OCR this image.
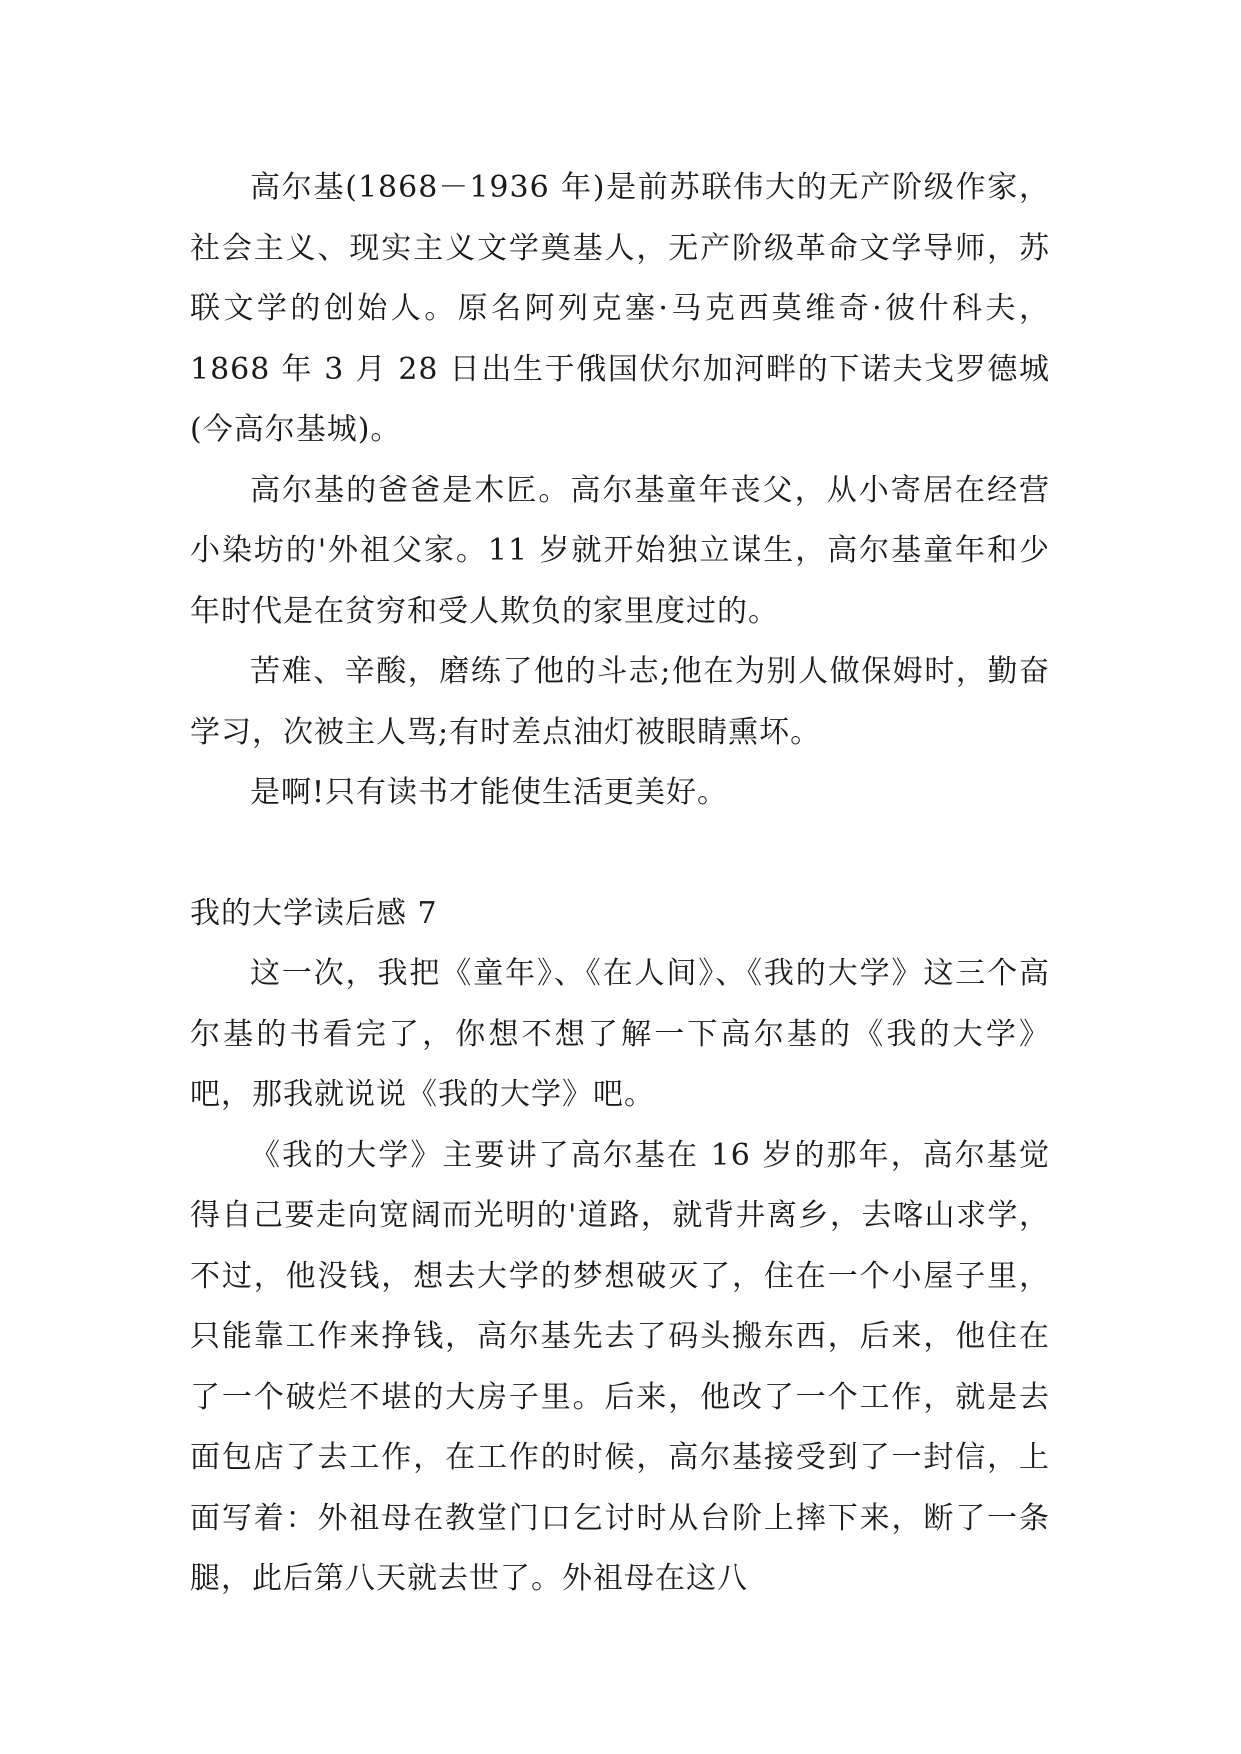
高尔基(1868－1936 年)是前苏联伟大的无产阶级作家，社会主义、现实主义文学奠基人，无产阶级革命文学导师，苏联文学的创始人。原名阿列克塞·马克西莫维奇·彼什科夫，1868 年 3 月 28 日出生于俄国伏尔加河畔的下诺夫戈罗德城(今高尔基城)。

高尔基的爸爸是木匠。高尔基童年丧父，从小寄居在经营小染坊的'外祖父家。11 岁就开始独立谋生，高尔基童年和少年时代是在贫穷和受人欺负的家里度过的。

苦难、辛酸，磨练了他的斗志;他在为别人做保姆时，勤奋学习，次被主人骂;有时差点油灯被眼睛熏坏。

是啊!只有读书才能使生活更美好。

我的大学读后感 7

这一次，我把《童年》、《在人间》、《我的大学》这三个高尔基的书看完了，你想不想了解一下高尔基的《我的大学》吧，那我就说说《我的大学》吧。

《我的大学》主要讲了高尔基在 16 岁的那年，高尔基觉得自己要走向宽阔而光明的'道路，就背井离乡，去喀山求学，不过，他没钱，想去大学的梦想破灭了，住在一个小屋子里，只能靠工作来挣钱，高尔基先去了码头搬东西，后来，他住在了一个破烂不堪的大房子里。后来，他改了一个工作，就是去面包店了去工作，在工作的时候，高尔基接受到了一封信，上面写着：外祖母在教堂门口乞讨时从台阶上摔下来，断了一条腿，此后第八天就去世了。外祖母在这八
